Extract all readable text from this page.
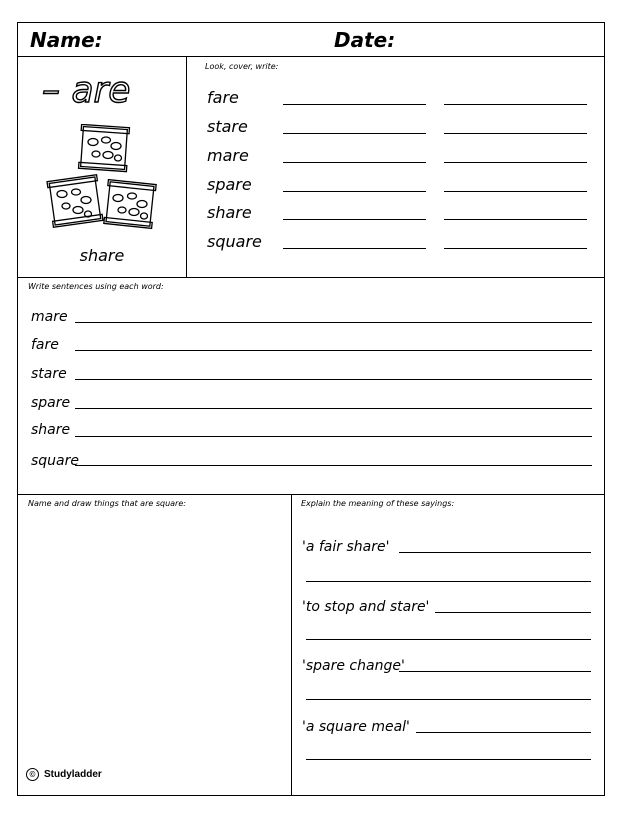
Name:	Date:
– are
share
Look, cover, write:
fare
stare
mare
spare
share
square
Write sentences using each word:
mare
fare
stare
spare
share
square
Name and draw things that are square:
© Studyladder
Explain the meaning of these sayings:
'a fair share'
'to stop and stare'
'spare change'
'a square meal'
